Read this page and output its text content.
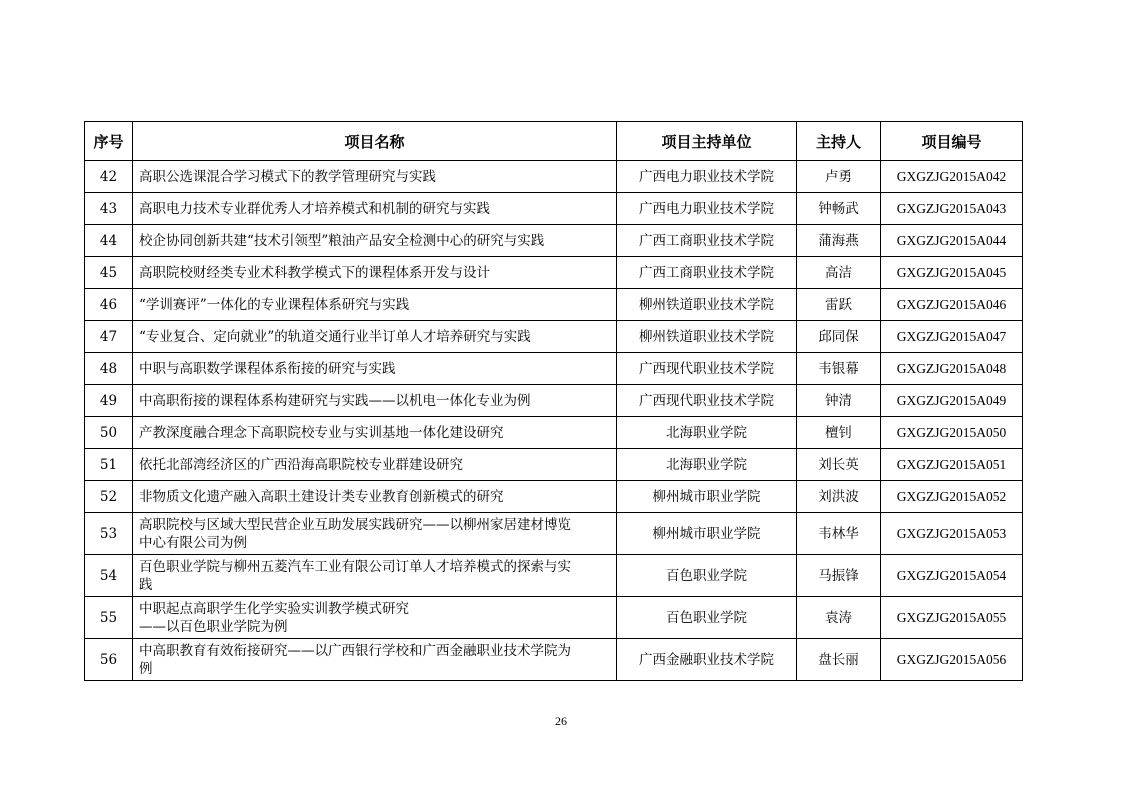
序号	项目名称	项目主持单位	主持人	项目编号
42	高职公选课混合学习模式下的教学管理研究与实践	广西电力职业技术学院	卢勇	GXGZJG2015A042
43	高职电力技术专业群优秀人才培养模式和机制的研究与实践	广西电力职业技术学院	钟畅武	GXGZJG2015A043
44	校企协同创新共建“技术引领型”粮油产品安全检测中心的研究与实践	广西工商职业技术学院	蒲海燕	GXGZJG2015A044
45	高职院校财经类专业术科教学模式下的课程体系开发与设计	广西工商职业技术学院	高洁	GXGZJG2015A045
46	“学训赛评”一体化的专业课程体系研究与实践	柳州铁道职业技术学院	雷跃	GXGZJG2015A046
47	“专业复合、定向就业”的轨道交通行业半订单人才培养研究与实践	柳州铁道职业技术学院	邱同保	GXGZJG2015A047
48	中职与高职数学课程体系衔接的研究与实践	广西现代职业技术学院	韦银幕	GXGZJG2015A048
49	中高职衔接的课程体系构建研究与实践——以机电一体化专业为例	广西现代职业技术学院	钟清	GXGZJG2015A049
50	产教深度融合理念下高职院校专业与实训基地一体化建设研究	北海职业学院	檀钊	GXGZJG2015A050
51	依托北部湾经济区的广西沿海高职院校专业群建设研究	北海职业学院	刘长英	GXGZJG2015A051
52	非物质文化遗产融入高职土建设计类专业教育创新模式的研究	柳州城市职业学院	刘洪波	GXGZJG2015A052
53	高职院校与区域大型民营企业互助发展实践研究——以柳州家居建材博览
中心有限公司为例	柳州城市职业学院	韦林华	GXGZJG2015A053
54	百色职业学院与柳州五菱汽车工业有限公司订单人才培养模式的探索与实
践	百色职业学院	马振锋	GXGZJG2015A054
55	中职起点高职学生化学实验实训教学模式研究
——以百色职业学院为例	百色职业学院	袁涛	GXGZJG2015A055
56	中高职教育有效衔接研究——以广西银行学校和广西金融职业技术学院为
例	广西金融职业技术学院	盘长丽	GXGZJG2015A056
26
